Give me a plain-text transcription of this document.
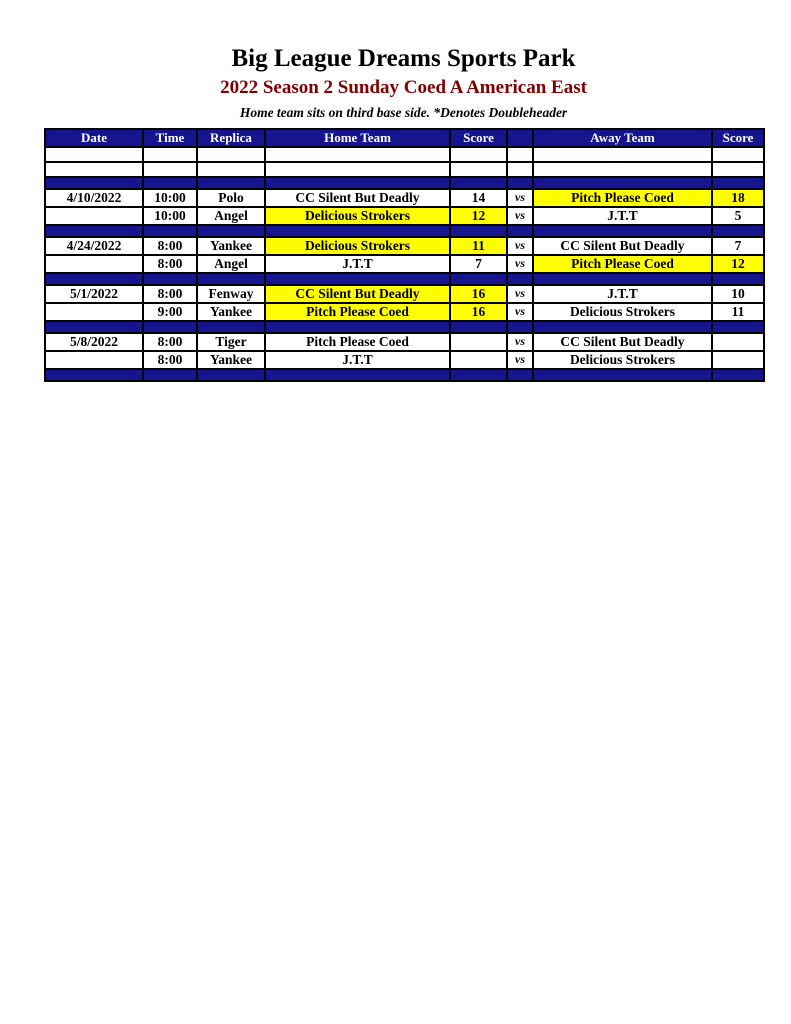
Big League Dreams Sports Park
2022 Season 2 Sunday Coed A American East
Home team sits on third base side. *Denotes Doubleheader
Date	Time	Replica	Home Team	Score		Away Team	Score

4/10/2022	10:00	Polo	CC Silent But Deadly	14	vs	Pitch Please Coed	18
	10:00	Angel	Delicious Strokers	12	vs	J.T.T	5

4/24/2022	8:00	Yankee	Delicious Strokers	11	vs	CC Silent But Deadly	7
	8:00	Angel	J.T.T	7	vs	Pitch Please Coed	12

5/1/2022	8:00	Fenway	CC Silent But Deadly	16	vs	J.T.T	10
	9:00	Yankee	Pitch Please Coed	16	vs	Delicious Strokers	11

5/8/2022	8:00	Tiger	Pitch Please Coed		vs	CC Silent But Deadly	
	8:00	Yankee	J.T.T		vs	Delicious Strokers	
